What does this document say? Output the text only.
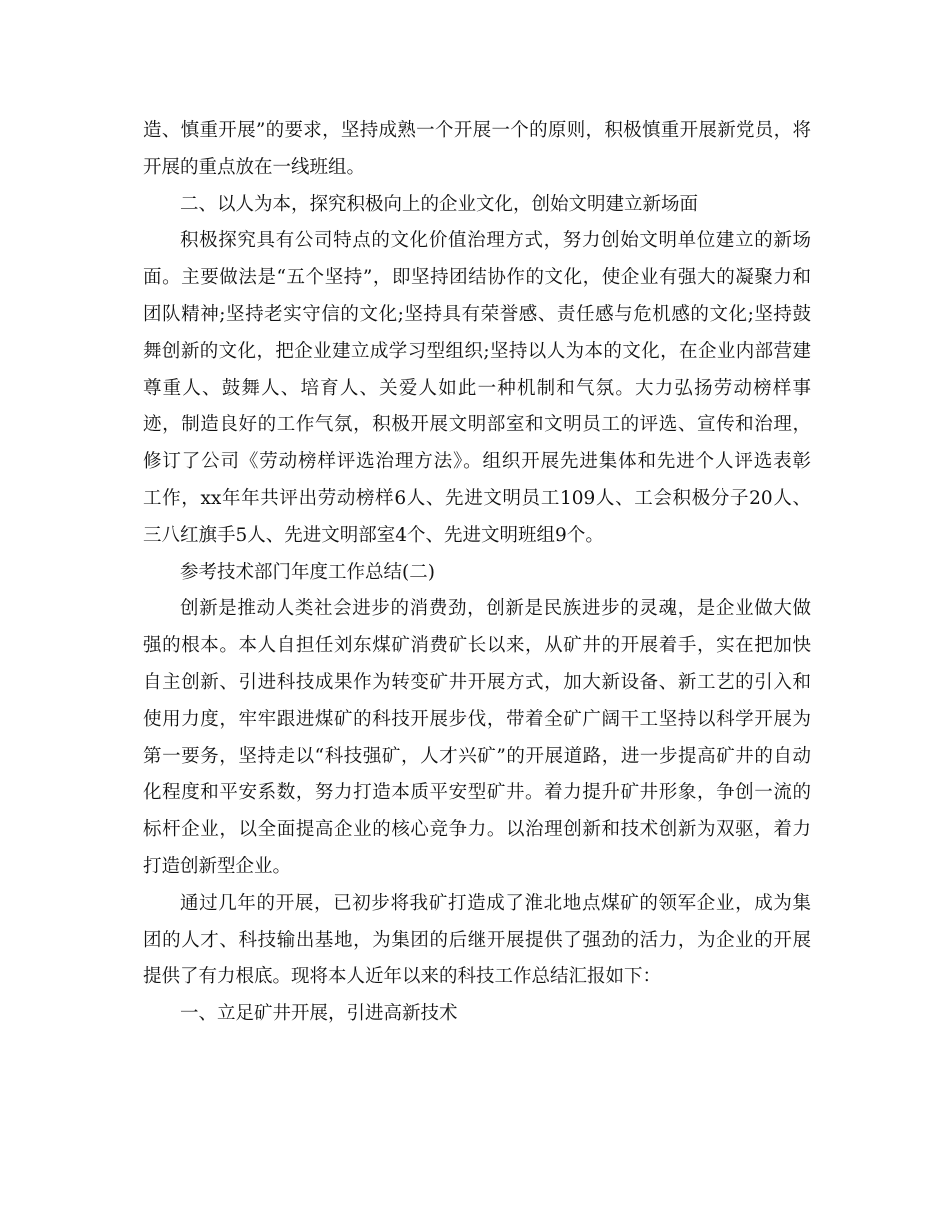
造、慎重开展”的要求，坚持成熟一个开展一个的原则，积极慎重开展新党员，将
开展的重点放在一线班组。
二、以人为本，探究积极向上的企业文化，创始文明建立新场面
积极探究具有公司特点的文化价值治理方式，努力创始文明单位建立的新场
面。主要做法是“五个坚持”，即坚持团结协作的文化，使企业有强大的凝聚力和
团队精神;坚持老实守信的文化;坚持具有荣誉感、责任感与危机感的文化;坚持鼓
舞创新的文化，把企业建立成学习型组织;坚持以人为本的文化，在企业内部营建
尊重人、鼓舞人、培育人、关爱人如此一种机制和气氛。大力弘扬劳动榜样事
迹，制造良好的工作气氛，积极开展文明部室和文明员工的评选、宣传和治理，
修订了公司《劳动榜样评选治理方法》。组织开展先进集体和先进个人评选表彰
工作，xx年年共评出劳动榜样6人、先进文明员工109人、工会积极分子20人、
三八红旗手5人、先进文明部室4个、先进文明班组9个。
参考技术部门年度工作总结(二)
创新是推动人类社会进步的消费劲，创新是民族进步的灵魂，是企业做大做
强的根本。本人自担任刘东煤矿消费矿长以来，从矿井的开展着手，实在把加快
自主创新、引进科技成果作为转变矿井开展方式，加大新设备、新工艺的引入和
使用力度，牢牢跟进煤矿的科技开展步伐，带着全矿广阔干工坚持以科学开展为
第一要务，坚持走以“科技强矿，人才兴矿”的开展道路，进一步提高矿井的自动
化程度和平安系数，努力打造本质平安型矿井。着力提升矿井形象，争创一流的
标杆企业，以全面提高企业的核心竞争力。以治理创新和技术创新为双驱，着力
打造创新型企业。
通过几年的开展，已初步将我矿打造成了淮北地点煤矿的领军企业，成为集
团的人才、科技输出基地，为集团的后继开展提供了强劲的活力，为企业的开展
提供了有力根底。现将本人近年以来的科技工作总结汇报如下：
一、立足矿井开展，引进高新技术
